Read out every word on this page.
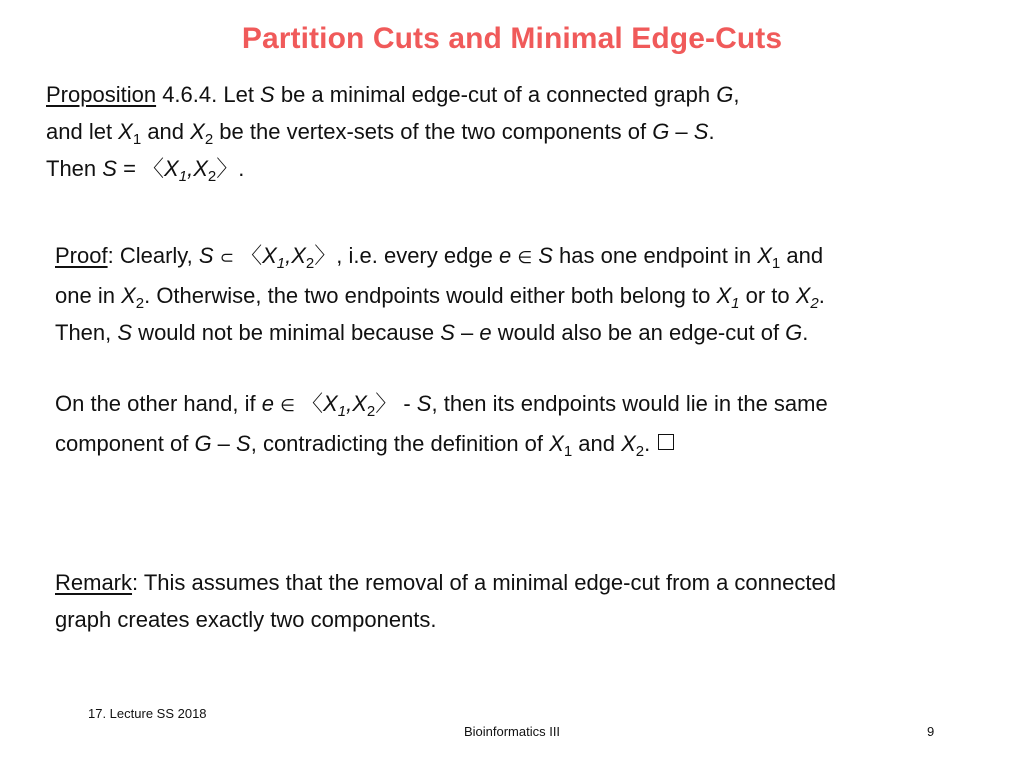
Partition Cuts and Minimal Edge-Cuts
Proposition 4.6.4. Let S be a minimal edge-cut of a connected graph G,
and let $X_1$ and $X_2$ be the vertex-sets of the two components of G – S.
Then S = 〈$X_1,X_2$〉.
Proof: Clearly, S ⊂ 〈$X_1,X_2$〉, i.e. every edge e ∈ S has one endpoint in $X_1$ and
one in $X_2$. Otherwise, the two endpoints would either both belong to $X_1$ or to $X_2$.
Then, S would not be minimal because S – e would also be an edge-cut of G.
On the other hand, if e ∈ 〈$X_1,X_2$〉 - S, then its endpoints would lie in the same
component of G – S, contradicting the definition of $X_1$ and $X_2$.
Remark: This assumes that the removal of a minimal edge-cut from a connected
graph creates exactly two components.
17. Lecture SS 2018
Bioinformatics III	9
